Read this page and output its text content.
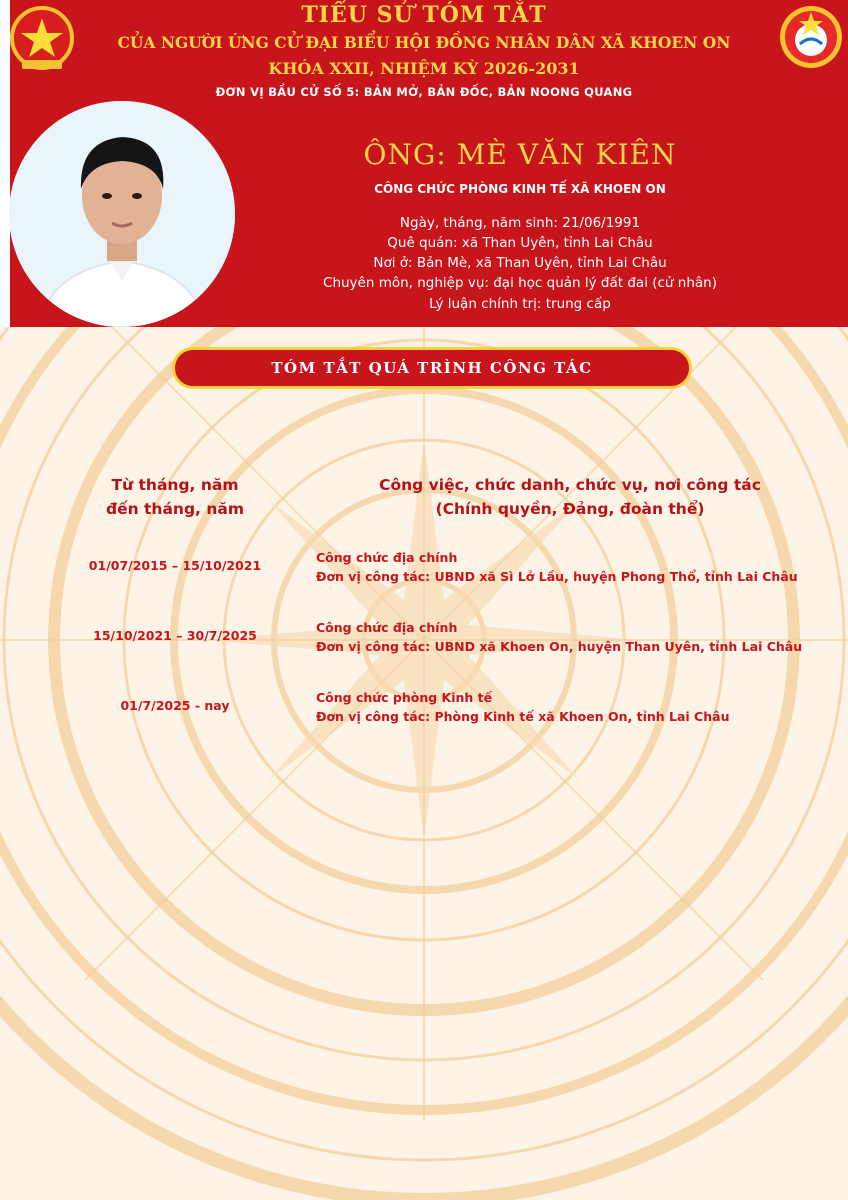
TIỂU SỬ TÓM TẮT
CỦA NGƯỜI ỨNG CỬ ĐẠI BIỂU HỘI ĐỒNG NHÂN DÂN XÃ KHOEN ON
KHÓA XXII, NHIỆM KỲ 2026-2031
ĐƠN VỊ BẦU CỬ SỐ 5: BẢN MỞ, BẢN ĐỐC, BẢN NOONG QUANG
ÔNG: MÈ VĂN KIÊN
CÔNG CHỨC PHÒNG KINH TẾ XÃ KHOEN ON
Ngày, tháng, năm sinh: 21/06/1991
Quê quán: xã Than Uyên, tỉnh Lai Châu
Nơi ở: Bản Mè, xã Than Uyên, tỉnh Lai Châu
Chuyên môn, nghiệp vụ: đại học quản lý đất đai (cử nhân)
Lý luận chính trị: trung cấp
TÓM TẮT QUÁ TRÌNH CÔNG TÁC
Từ tháng, năm
đến tháng, năm
Công việc, chức danh, chức vụ, nơi công tác
(Chính quyền, Đảng, đoàn thể)
01/07/2015 – 15/10/2021
Công chức địa chính
Đơn vị công tác: UBND xã Sì Lở Lầu, huyện Phong Thổ, tỉnh Lai Châu
15/10/2021 – 30/7/2025
Công chức địa chính
Đơn vị công tác: UBND xã Khoen On, huyện Than Uyên, tỉnh Lai Châu
01/7/2025 - nay
Công chức phòng Kinh tế
Đơn vị công tác: Phòng Kinh tế xã Khoen On, tỉnh Lai Châu
